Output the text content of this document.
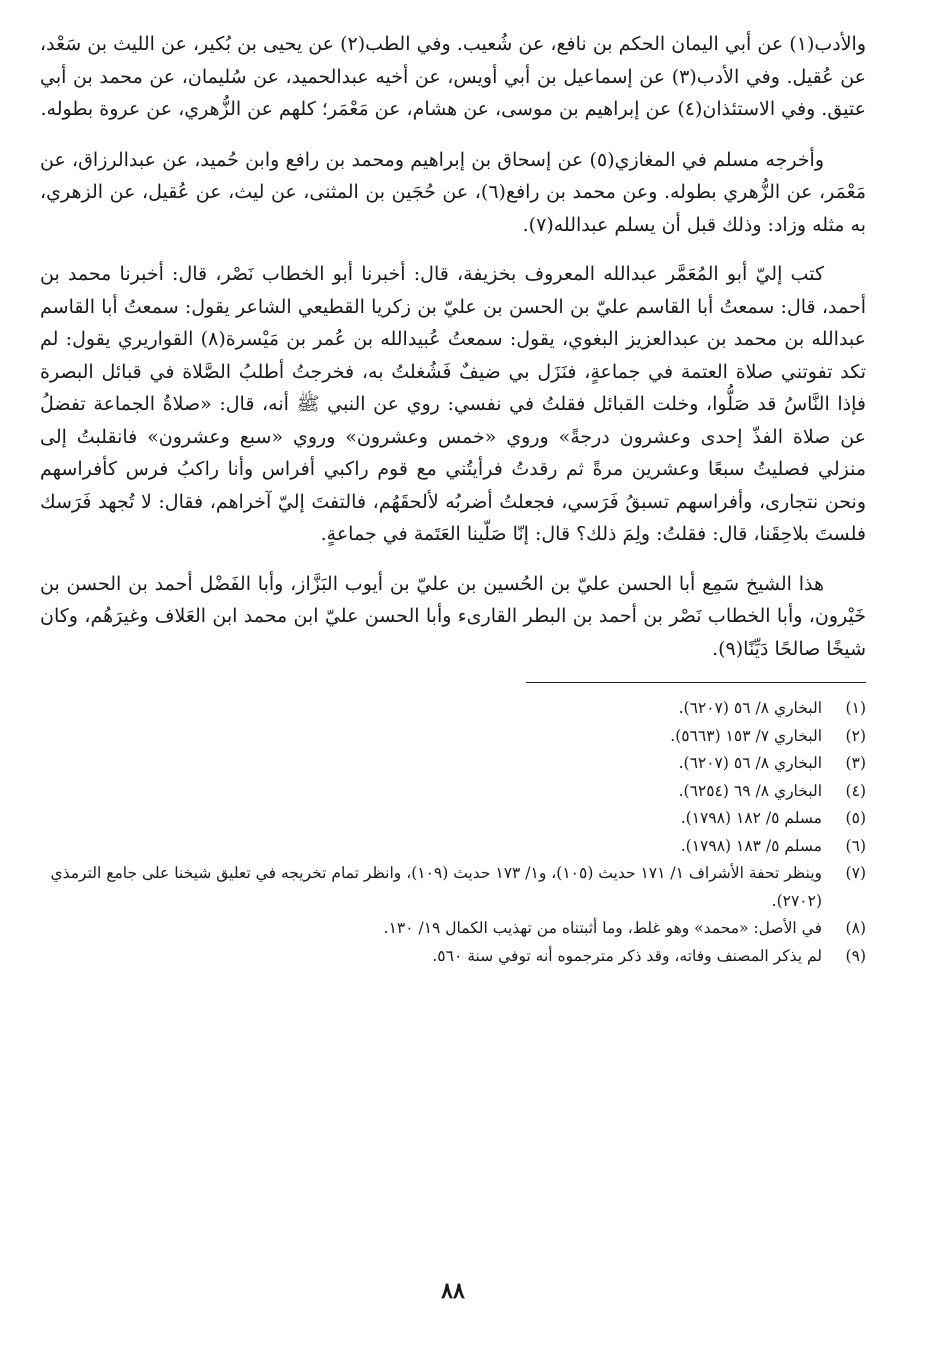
والأدب(١) عن أبي اليمان الحكم بن نافع، عن شُعيب. وفي الطب(٢) عن يحيى بن بُكير، عن الليث بن سَعْد، عن عُقيل. وفي الأدب(٣) عن إسماعيل بن أبي أويس، عن أخيه عبدالحميد، عن سُليمان، عن محمد بن أبي عتيق. وفي الاستئذان(٤) عن إبراهيم بن موسى، عن هشام، عن مَعْمَر؛ كلهم عن الزُّهري، عن عروة بطوله.

وأخرجه مسلم في المغازي(٥) عن إسحاق بن إبراهيم ومحمد بن رافع وابن حُميد، عن عبدالرزاق، عن مَعْمَر، عن الزُّهري بطوله. وعن محمد بن رافع(٦)، عن حُجَين بن المثنى، عن ليث، عن عُقيل، عن الزهري، به مثله وزاد: وذلك قبل أن يسلم عبدالله(٧).

كتب إليّ أبو المُعَمَّر عبدالله المعروف بخزيفة، قال: أخبرنا أبو الخطاب نَصْر، قال: أخبرنا محمد بن أحمد، قال: سمعتُ أبا القاسم عليّ بن الحسن بن عليّ بن زكريا القطيعي الشاعر يقول: سمعتُ أبا القاسم عبدالله بن محمد بن عبدالعزيز البغوي، يقول: سمعتُ عُبيدالله بن عُمر بن مَيْسرة(٨) القواريري يقول: لم تكد تفوتني صلاة العتمة في جماعةٍ، فنَزَل بي ضيفٌ فَشُغلتُ به، فخرجتُ أطلبُ الصَّلاة في قبائل البصرة فإذا النَّاسُ قد صَلُّوا، وخلت القبائل فقلتُ في نفسي: روي عن النبي ﷺ أنه، قال: «صلاةُ الجماعة تفضلُ عن صلاة الفذّ إحدى وعشرون درجةً» وروي «خمس وعشرون» وروي «سبع وعشرون» فانقلبتُ إلى منزلي فصليتُ سبعًا وعشرين مرةً ثم رقدتُ فرأيتُني مع قوم راكبي أفراس وأنا راكبُ فرس كأفراسهم ونحن نتجارى، وأفراسهم تسبقُ فَرَسي، فجعلتُ أضربُه لألحقَهُم، فالتفتَ إليّ آخراهم، فقال: لا تُجهد فَرَسك فلستَ بلاحِقَنا، قال: فقلتُ: ولِمَ ذلك؟ قال: إنّا صَلّينا العَتَمة في جماعةٍ.

هذا الشيخ سَمِع أبا الحسن عليّ بن الحُسين بن عليّ بن أيوب البَزَّاز، وأبا الفَضْل أحمد بن الحسن بن خَيْرون، وأبا الخطاب نَصْر بن أحمد بن البطر القارىء وأبا الحسن عليّ ابن محمد ابن العَلاف وغيرَهُم، وكان شيخًا صالحًا دَيِّنًا(٩).

(١)
البخاري ٨/ ٥٦ (٦٢٠٧).
(٢)
البخاري ٧/ ١٥٣ (٥٦٦٣).
(٣)
البخاري ٨/ ٥٦ (٦٢٠٧).
(٤)
البخاري ٨/ ٦٩ (٦٢٥٤).
(٥)
مسلم ٥/ ١٨٢ (١٧٩٨).
(٦)
مسلم ٥/ ١٨٣ (١٧٩٨).
(٧)
وينظر تحفة الأشراف ١/ ١٧١ حديث (١٠٥)، و١/ ١٧٣ حديث (١٠٩)، وانظر تمام تخريجه في تعليق شيخنا على جامع الترمذي (٢٧٠٢).
(٨)
في الأصل: «محمد» وهو غلط، وما أثبتناه من تهذيب الكمال ١٩/ ١٣٠.
(٩)
لم يذكر المصنف وفاته، وقد ذكر مترجموه أنه توفي سنة ٥٦٠.
٨٨
